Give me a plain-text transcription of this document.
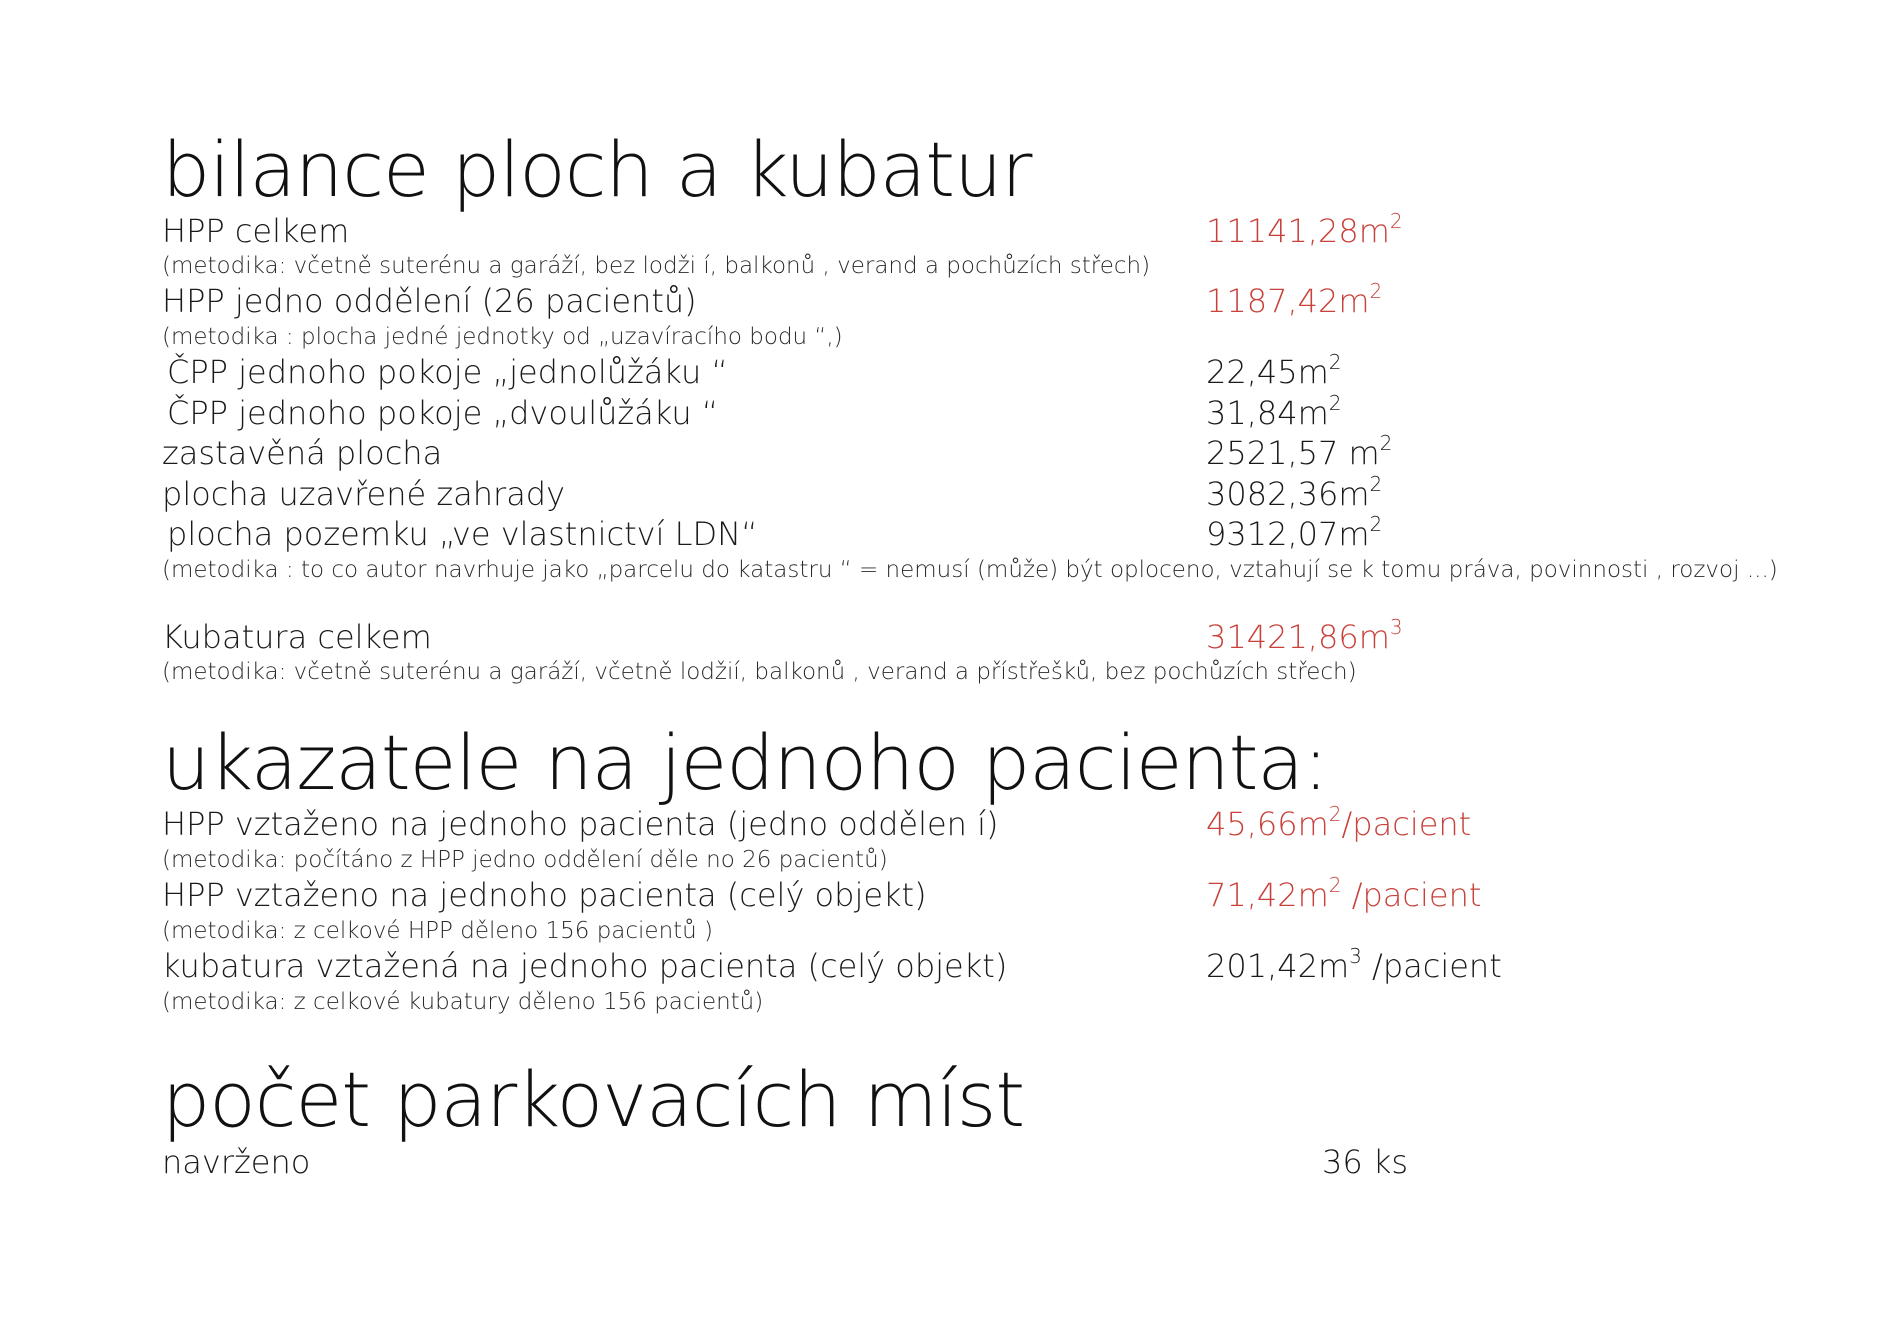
bilance ploch a kubatur
HPP celkem	$11141,28m^2$
(metodika: včetně suterénu a garáží, bez lodži í, balkonů , verand a pochůzích střech)
HPP jedno oddělení (26 pacientů)	$1187,42m^2$
(metodika : plocha jedné jednotky od „uzavíracího bodu “,)
ČPP jednoho pokoje „jednolůžáku “	$22,45m^2$
ČPP jednoho pokoje „dvoulůžáku “	$31,84m^2$
zastavěná plocha	2521,57 $m^2$
plocha uzavřené zahrady	$3082,36m^2$
plocha pozemku „ve vlastnictví LDN“	$9312,07m^2$
(metodika : to co autor navrhuje jako „parcelu do katastru “ = nemusí (může) být oploceno, vztahují se k tomu práva, povinnosti , rozvoj ...)
Kubatura celkem	$31421,86m^3$
(metodika: včetně suterénu a garáží, včetně lodžií, balkonů , verand a přístřešků, bez pochůzích střech)
ukazatele na jednoho pacienta:
HPP vztaženo na jednoho pacienta (jedno oddělen í)	$45,66m^2$/pacient
(metodika: počítáno z HPP jedno oddělení děle no 26 pacientů)
HPP vztaženo na jednoho pacienta (celý objekt)	$71,42m^2$ /pacient
(metodika: z celkové HPP děleno 156 pacientů )
kubatura vztažená na jednoho pacienta (celý objekt)	$201,42m^3$ /pacient
(metodika: z celkové kubatury děleno 156 pacientů)
počet parkovacích míst
navrženo	36 ks
